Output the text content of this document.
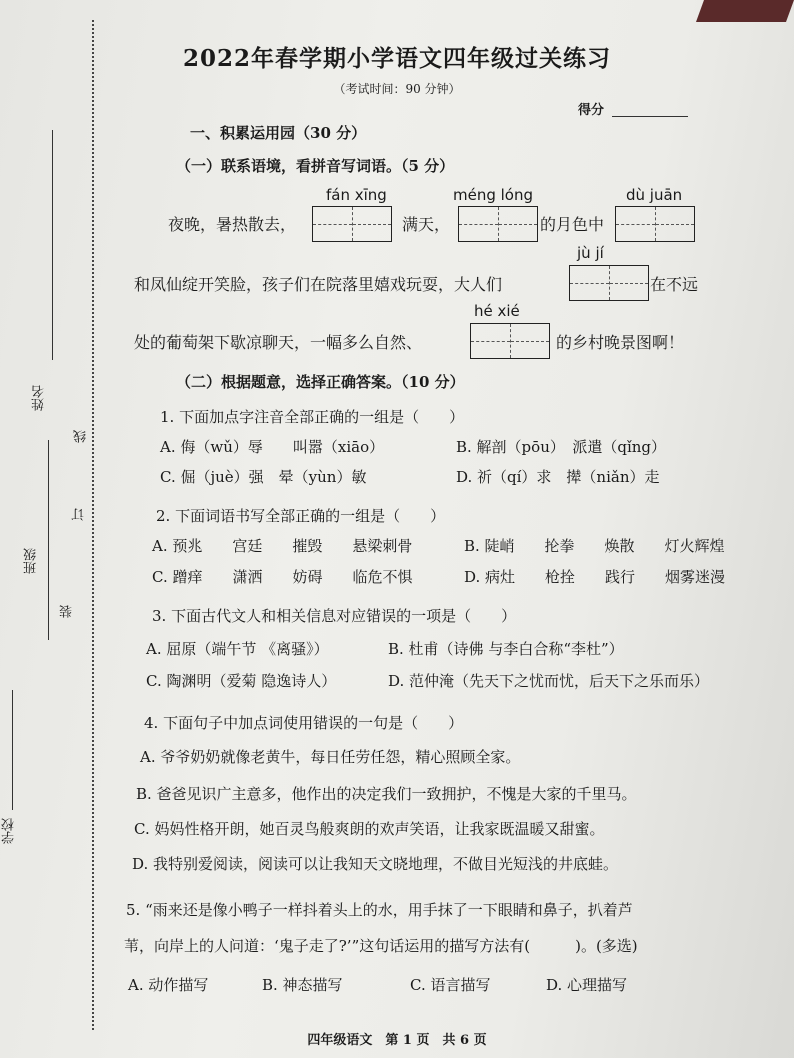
姓名
班级
线
订
装
学校
2022年春学期小学语文四年级过关练习
（考试时间：90 分钟）
得分
一、积累运用园（30 分）
（一）联系语境，看拼音写词语。（5 分）
fán xīng	méng lóng	dù juān
夜晚，暑热散去，	满天，	的月色中
jù jí
和凤仙绽开笑脸，孩子们在院落里嬉戏玩耍，大人们	在不远
hé xié
处的葡萄架下歇凉聊天，一幅多么自然、	的乡村晚景图啊！
（二）根据题意，选择正确答案。（10 分）
1. 下面加点字注音全部正确的一组是（　　）
A. 侮（wǔ）辱　　叫嚣（xiāo）	B. 解剖（pōu）　派遣（qǐng）
C. 倔（juè）强　晕（yùn）敏	D. 祈（qí）求　撵（niǎn）走
2. 下面词语书写全部正确的一组是（　　）
A. 预兆　　宫廷　　摧毁　　悬梁刺骨	B. 陡峭　　抡拳　　焕散　　灯火辉煌
C. 蹭痒　　潇洒　　妨碍　　临危不惧	D. 病灶　　枪拴　　践行　　烟雾迷漫
3. 下面古代文人和相关信息对应错误的一项是（　　）
A. 屈原（端午节 《离骚》）	B. 杜甫（诗佛 与李白合称“李杜”）
C. 陶渊明（爱菊 隐逸诗人）	D. 范仲淹（先天下之忧而忧，后天下之乐而乐）
4. 下面句子中加点词使用错误的一句是（　　）
A. 爷爷奶奶就像老黄牛，每日任劳任怨，精心照顾全家。
B. 爸爸见识广主意多，他作出的决定我们一致拥护，不愧是大家的千里马。
C. 妈妈性格开朗，她百灵鸟般爽朗的欢声笑语，让我家既温暖又甜蜜。
D. 我特别爱阅读，阅读可以让我知天文晓地理，不做目光短浅的井底蛙。
5. “雨来还是像小鸭子一样抖着头上的水，用手抹了一下眼睛和鼻子，扒着芦
苇，向岸上的人问道：‘鬼子走了?’”这句话运用的描写方法有(　　　)。(多选)
A. 动作描写	B. 神态描写	C. 语言描写	D. 心理描写
四年级语文　第 1 页　共 6 页
